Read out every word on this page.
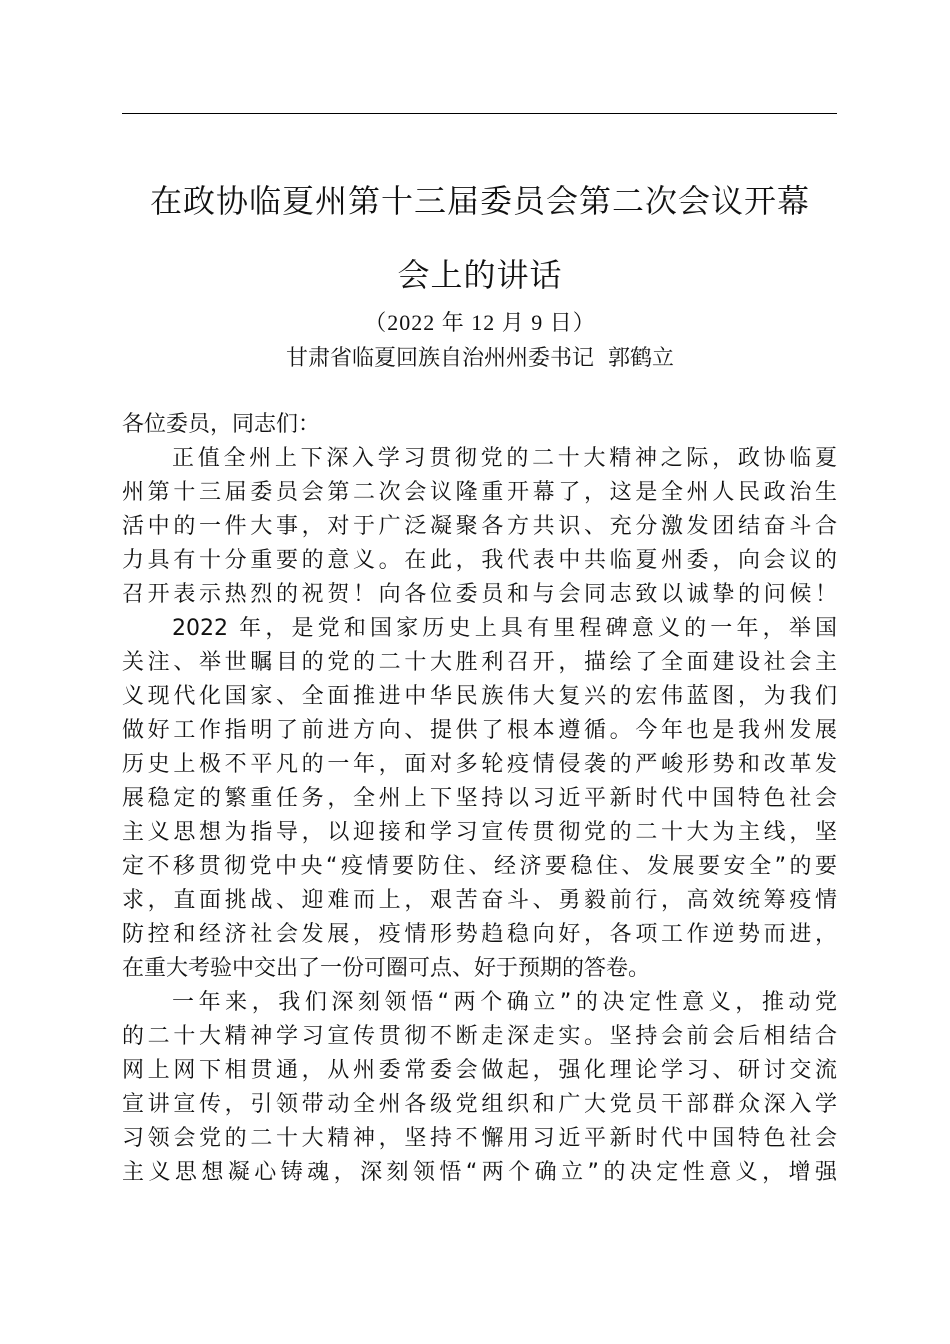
在政协临夏州第十三届委员会第二次会议开幕
会上的讲话
（2022 年 12 月 9 日）
甘肃省临夏回族自治州州委书记  郭鹤立
各位委员，同志们：
正值全州上下深入学习贯彻党的二十大精神之际，政协临夏
州第十三届委员会第二次会议隆重开幕了，这是全州人民政治生
活中的一件大事，对于广泛凝聚各方共识、充分激发团结奋斗合
力具有十分重要的意义。在此，我代表中共临夏州委，向会议的
召开表示热烈的祝贺！向各位委员和与会同志致以诚挚的问候！
2022 年，是党和国家历史上具有里程碑意义的一年，举国
关注、举世瞩目的党的二十大胜利召开，描绘了全面建设社会主
义现代化国家、全面推进中华民族伟大复兴的宏伟蓝图，为我们
做好工作指明了前进方向、提供了根本遵循。今年也是我州发展
历史上极不平凡的一年，面对多轮疫情侵袭的严峻形势和改革发
展稳定的繁重任务，全州上下坚持以习近平新时代中国特色社会
主义思想为指导，以迎接和学习宣传贯彻党的二十大为主线，坚
定不移贯彻党中央“疫情要防住、经济要稳住、发展要安全”的要
求，直面挑战、迎难而上，艰苦奋斗、勇毅前行，高效统筹疫情
防控和经济社会发展，疫情形势趋稳向好，各项工作逆势而进，
在重大考验中交出了一份可圈可点、好于预期的答卷。
一年来，我们深刻领悟“两个确立”的决定性意义，推动党
的二十大精神学习宣传贯彻不断走深走实。坚持会前会后相结合
网上网下相贯通，从州委常委会做起，强化理论学习、研讨交流
宣讲宣传，引领带动全州各级党组织和广大党员干部群众深入学
习领会党的二十大精神，坚持不懈用习近平新时代中国特色社会
主义思想凝心铸魂，深刻领悟“两个确立”的决定性意义，增强
